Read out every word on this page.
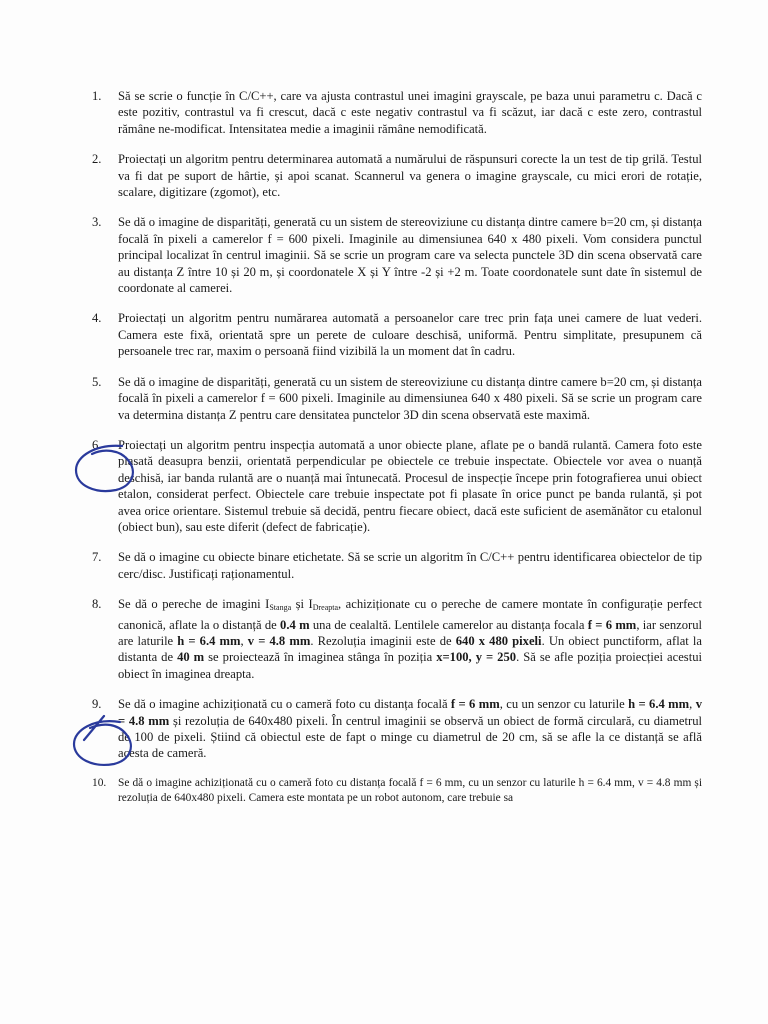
1.	Să se scrie o funcție în C/C++, care va ajusta contrastul unei imagini grayscale, pe baza unui parametru c. Dacă c este pozitiv, contrastul va fi crescut, dacă c este negativ contrastul va fi scăzut, iar dacă c este zero, contrastul rămâne ne-modificat. Intensitatea medie a imaginii rămâne nemodificată.
2.	Proiectați un algoritm pentru determinarea automată a numărului de răspunsuri corecte la un test de tip grilă. Testul va fi dat pe suport de hârtie, și apoi scanat. Scannerul va genera o imagine grayscale, cu mici erori de rotație, scalare, digitizare (zgomot), etc.
3.	Se dă o imagine de disparități, generată cu un sistem de stereoviziune cu distanța dintre camere b=20 cm, și distanța focală în pixeli a camerelor f = 600 pixeli. Imaginile au dimensiunea 640 x 480 pixeli. Vom considera punctul principal localizat în centrul imaginii. Să se scrie un program care va selecta punctele 3D din scena observată care au distanța Z între 10 și 20 m, și coordonatele X și Y între -2 și +2 m. Toate coordonatele sunt date în sistemul de coordonate al camerei.
4.	Proiectați un algoritm pentru numărarea automată a persoanelor care trec prin fața unei camere de luat vederi. Camera este fixă, orientată spre un perete de culoare deschisă, uniformă. Pentru simplitate, presupunem că persoanele trec rar, maxim o persoană fiind vizibilă la un moment dat în cadru.
5.	Se dă o imagine de disparități, generată cu un sistem de stereoviziune cu distanța dintre camere b=20 cm, și distanța focală în pixeli a camerelor f = 600 pixeli. Imaginile au dimensiunea 640 x 480 pixeli. Să se scrie un program care va determina distanța Z pentru care densitatea punctelor 3D din scena observată este maximă.
6.	Proiectați un algoritm pentru inspecția automată a unor obiecte plane, aflate pe o bandă rulantă. Camera foto este plasată deasupra benzii, orientată perpendicular pe obiectele ce trebuie inspectate. Obiectele vor avea o nuanță deschisă, iar banda rulantă are o nuanță mai întunecată. Procesul de inspecție începe prin fotografierea unui obiect etalon, considerat perfect. Obiectele care trebuie inspectate pot fi plasate în orice punct pe banda rulantă, și pot avea orice orientare. Sistemul trebuie să decidă, pentru fiecare obiect, dacă este suficient de asemănător cu etalonul (obiect bun), sau este diferit (defect de fabricație).
7.	Se dă o imagine cu obiecte binare etichetate. Să se scrie un algoritm în C/C++ pentru identificarea obiectelor de tip cerc/disc. Justificați raționamentul.
8.	Se dă o pereche de imagini $I_{Stanga}$ și $I_{Dreapta}$, achiziționate cu o pereche de camere montate în configurație perfect canonică, aflate la o distanță de 0.4 m una de cealaltă. Lentilele camerelor au distanța focala f = 6 mm, iar senzorul are laturile h = 6.4 mm, v = 4.8 mm. Rezoluția imaginii este de 640 x 480 pixeli. Un obiect punctiform, aflat la distanta de 40 m se proiectează în imaginea stânga în poziția x=100, y = 250. Să se afle poziția proiecției acestui obiect în imaginea dreapta.
9.	Se dă o imagine achiziționată cu o cameră foto cu distanța focală f = 6 mm, cu un senzor cu laturile h = 6.4 mm, v = 4.8 mm și rezoluția de 640x480 pixeli. În centrul imaginii se observă un obiect de formă circulară, cu diametrul de 100 de pixeli. Știind că obiectul este de fapt o minge cu diametrul de 20 cm, să se afle la ce distanță se află acesta de cameră.
10.	Se dă o imagine achiziționată cu o cameră foto cu distanța focală f = 6 mm, cu un senzor cu laturile h = 6.4 mm, v = 4.8 mm și rezoluția de 640x480 pixeli. Camera este montata pe un robot autonom, care trebuie sa
